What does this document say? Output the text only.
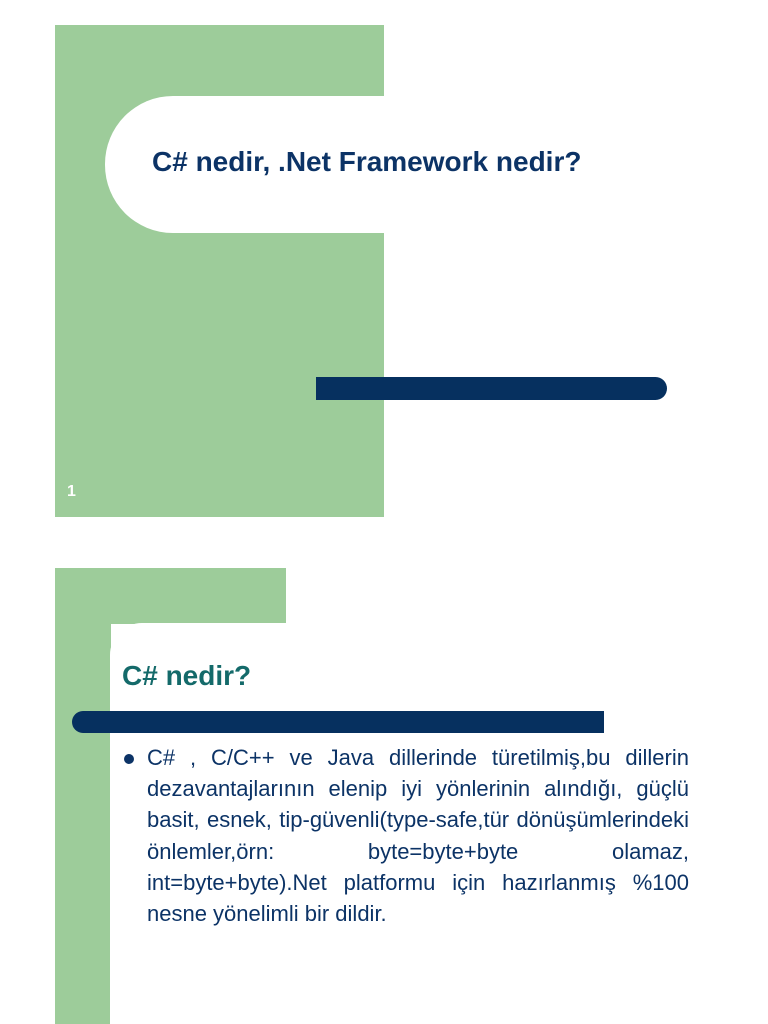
C# nedir, .Net Framework nedir?
1
C# nedir?
C# , C/C++ ve Java dillerinde türetilmiş,bu dillerin dezavantajlarının elenip iyi yönlerinin alındığı, güçlü basit, esnek, tip-güvenli(type-safe,tür dönüşümlerindeki önlemler,örn: byte=byte+byte olamaz, int=byte+byte).Net platformu için hazırlanmış %100 nesne yönelimli bir dildir.
